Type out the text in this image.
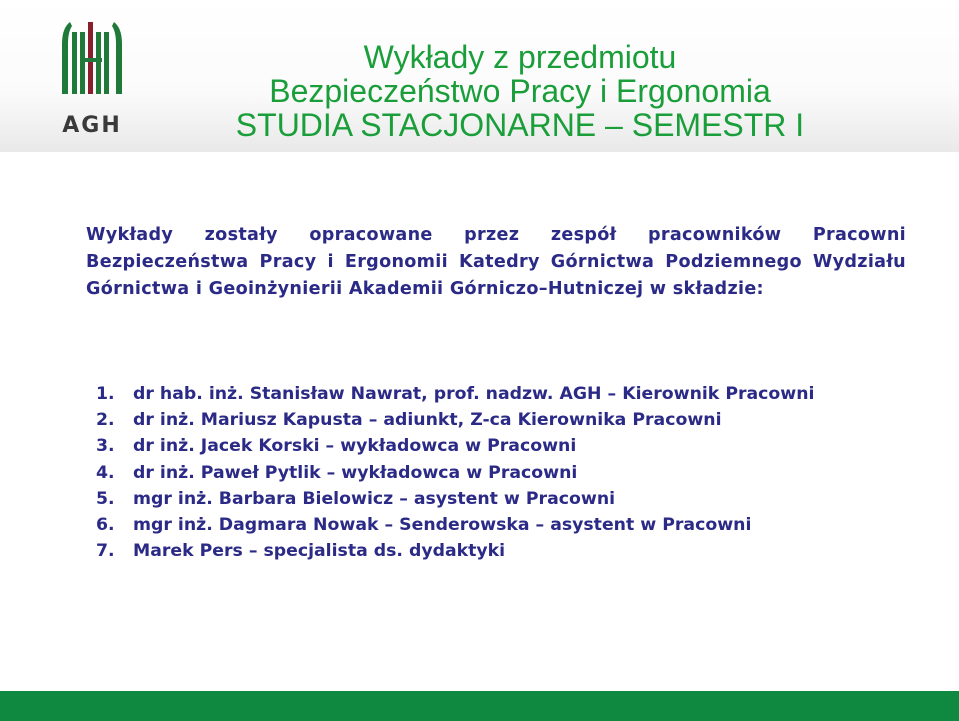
AGH
Wykłady z przedmiotu
Bezpieczeństwo Pracy i Ergonomia
STUDIA STACJONARNE – SEMESTR I

Wykłady zostały opracowane przez zespół pracowników Pracowni Bezpieczeństwa Pracy i Ergonomii Katedry Górnictwa Podziemnego Wydziału Górnictwa i Geoinżynierii Akademii Górniczo–Hutniczej w składzie:

1.	dr hab. inż. Stanisław Nawrat, prof. nadzw. AGH – Kierownik Pracowni
2.	dr inż. Mariusz Kapusta – adiunkt, Z-ca Kierownika Pracowni
3.	dr inż. Jacek Korski – wykładowca w Pracowni
4.	dr inż. Paweł Pytlik – wykładowca w Pracowni
5.	mgr inż. Barbara Bielowicz – asystent w Pracowni
6.	mgr inż. Dagmara Nowak – Senderowska – asystent w Pracowni
7.	Marek Pers – specjalista ds. dydaktyki
